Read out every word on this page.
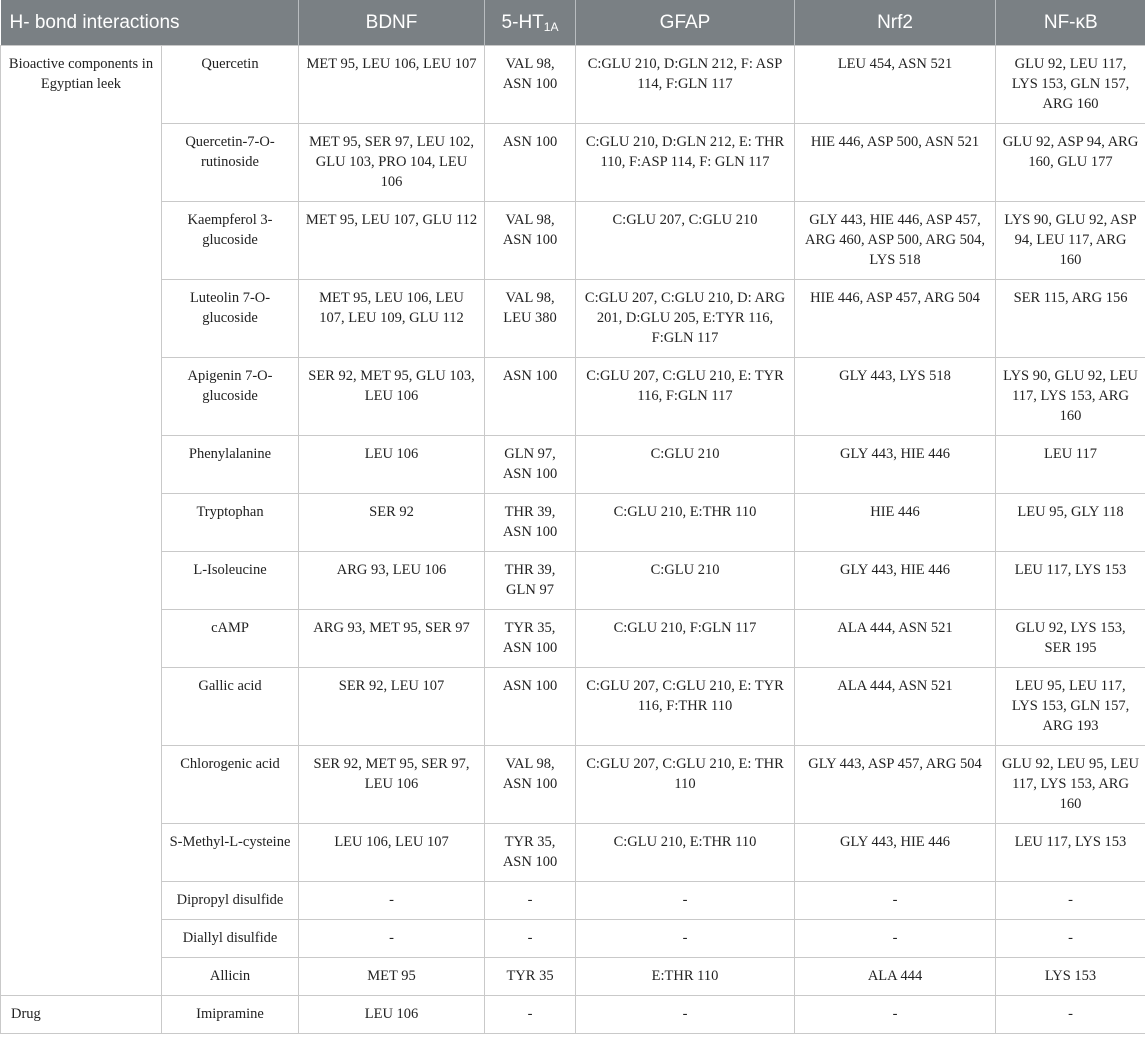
H- bond interactions		BDNF	$5-HT_{1A}$	GFAP	Nrf2	NF-κB
Bioactive components in Egyptian leek	Quercetin	MET 95, LEU 106, LEU 107	VAL 98, ASN 100	C:GLU 210, D:GLN 212, F: ASP 114, F:GLN 117	LEU 454, ASN 521	GLU 92, LEU 117, LYS 153, GLN 157, ARG 160
	Quercetin-7-O-rutinoside	MET 95, SER 97, LEU 102, GLU 103, PRO 104, LEU 106	ASN 100	C:GLU 210, D:GLN 212, E: THR 110, F:ASP 114, F: GLN 117	HIE 446, ASP 500, ASN 521	GLU 92, ASP 94, ARG 160, GLU 177
	Kaempferol 3-glucoside	MET 95, LEU 107, GLU 112	VAL 98, ASN 100	C:GLU 207, C:GLU 210	GLY 443, HIE 446, ASP 457, ARG 460, ASP 500, ARG 504, LYS 518	LYS 90, GLU 92, ASP 94, LEU 117, ARG 160
	Luteolin 7-O-glucoside	MET 95, LEU 106, LEU 107, LEU 109, GLU 112	VAL 98, LEU 380	C:GLU 207, C:GLU 210, D: ARG 201, D:GLU 205, E:TYR 116, F:GLN 117	HIE 446, ASP 457, ARG 504	SER 115, ARG 156
	Apigenin 7-O-glucoside	SER 92, MET 95, GLU 103, LEU 106	ASN 100	C:GLU 207, C:GLU 210, E: TYR 116, F:GLN 117	GLY 443, LYS 518	LYS 90, GLU 92, LEU 117, LYS 153, ARG 160
	Phenylalanine	LEU 106	GLN 97, ASN 100	C:GLU 210	GLY 443, HIE 446	LEU 117
	Tryptophan	SER 92	THR 39, ASN 100	C:GLU 210, E:THR 110	HIE 446	LEU 95, GLY 118
	L-Isoleucine	ARG 93, LEU 106	THR 39, GLN 97	C:GLU 210	GLY 443, HIE 446	LEU 117, LYS 153
	cAMP	ARG 93, MET 95, SER 97	TYR 35, ASN 100	C:GLU 210, F:GLN 117	ALA 444, ASN 521	GLU 92, LYS 153, SER 195
	Gallic acid	SER 92, LEU 107	ASN 100	C:GLU 207, C:GLU 210, E: TYR 116, F:THR 110	ALA 444, ASN 521	LEU 95, LEU 117, LYS 153, GLN 157, ARG 193
	Chlorogenic acid	SER 92, MET 95, SER 97, LEU 106	VAL 98, ASN 100	C:GLU 207, C:GLU 210, E: THR 110	GLY 443, ASP 457, ARG 504	GLU 92, LEU 95, LEU 117, LYS 153, ARG 160
	S-Methyl-L-cysteine	LEU 106, LEU 107	TYR 35, ASN 100	C:GLU 210, E:THR 110	GLY 443, HIE 446	LEU 117, LYS 153
	Dipropyl disulfide	-	-	-	-	-
	Diallyl disulfide	-	-	-	-	-
	Allicin	MET 95	TYR 35	E:THR 110	ALA 444	LYS 153
Drug	Imipramine	LEU 106	-	-	-	-
